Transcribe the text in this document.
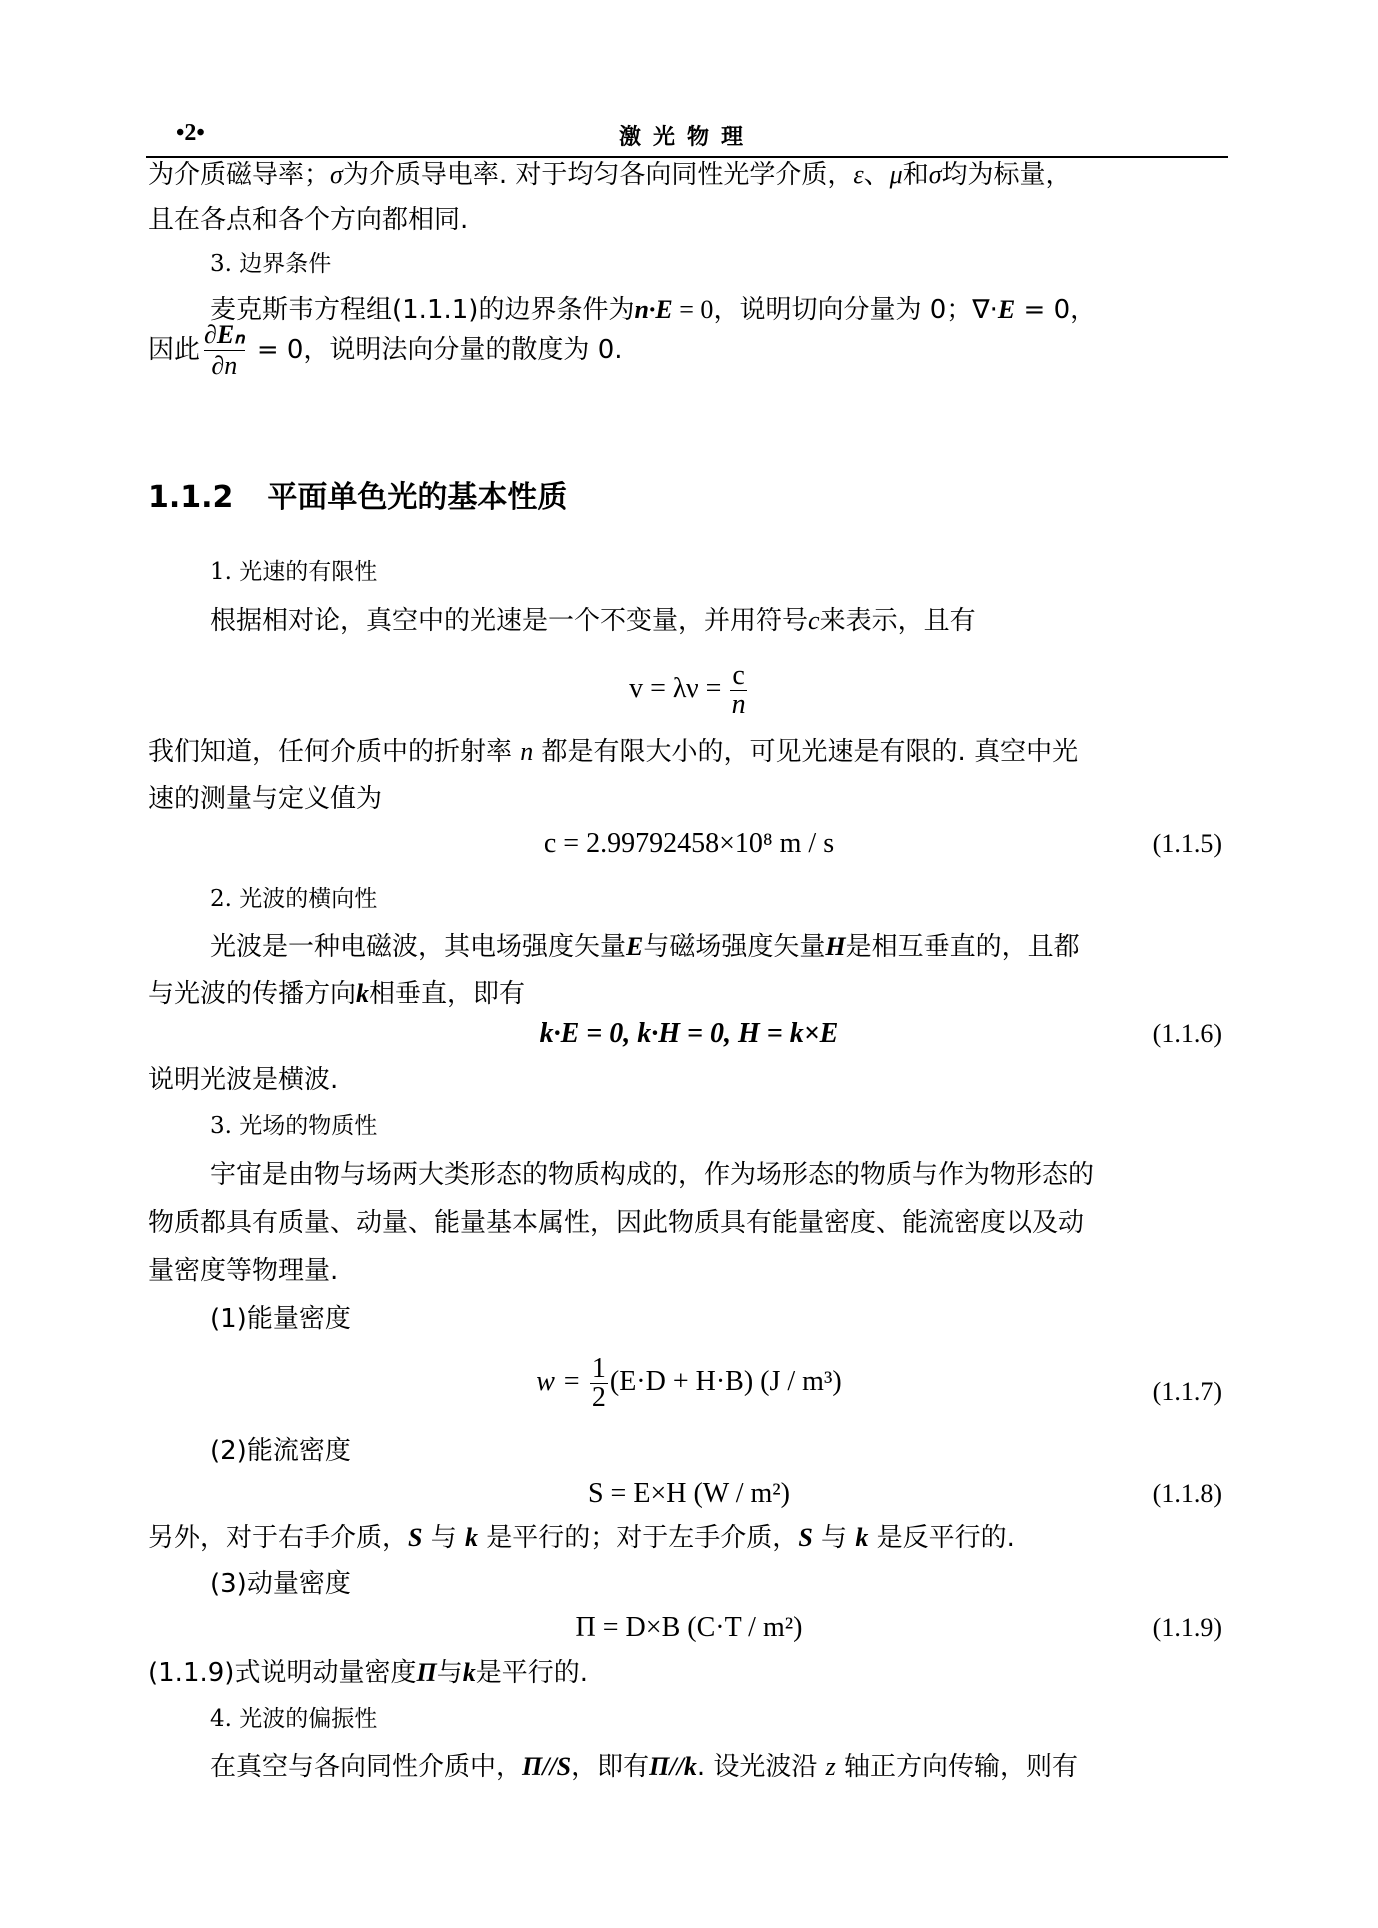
•2•	激光物理
为介质磁导率；σ为介质导电率. 对于均匀各向同性光学介质，ε、μ和σ均为标量，
且在各点和各个方向都相同.
3. 边界条件
麦克斯韦方程组(1.1.1)的边界条件为n·E = 0，说明切向分量为 0；∇·E = 0，
因此 $\frac{\text{∂Eₙ}}{\partial n} = 0$，说明法向分量的散度为 0.
1.1.2 平面单色光的基本性质
1. 光速的有限性
根据相对论，真空中的光速是一个不变量，并用符号c来表示，且有
$v = \lambda\nu = \frac{c}{n}$
我们知道，任何介质中的折射率 n 都是有限大小的，可见光速是有限的. 真空中光
速的测量与定义值为
c = 2.99792458×10⁸ m / s	(1.1.5)
2. 光波的横向性
光波是一种电磁波，其电场强度矢量E与磁场强度矢量H是相互垂直的，且都
与光波的传播方向k相垂直，即有
k·E = 0, k·H = 0, H = k×E	(1.1.6)
说明光波是横波.
3. 光场的物质性
宇宙是由物与场两大类形态的物质构成的，作为场形态的物质与作为物形态的
物质都具有质量、动量、能量基本属性，因此物质具有能量密度、能流密度以及动
量密度等物理量.
(1)能量密度
$w = \frac{1}{2} (E\cdot D + H\cdot B)$ (J / m³)	(1.1.7)
(2)能流密度
S = E×H (W / m²)	(1.1.8)
另外，对于右手介质，S 与 k 是平行的；对于左手介质，S 与 k 是反平行的.
(3)动量密度
Π = D×B (C·T / m²)	(1.1.9)
(1.1.9)式说明动量密度Π与k是平行的.
4. 光波的偏振性
在真空与各向同性介质中，Π//S，即有Π//k. 设光波沿 z 轴正方向传输，则有
